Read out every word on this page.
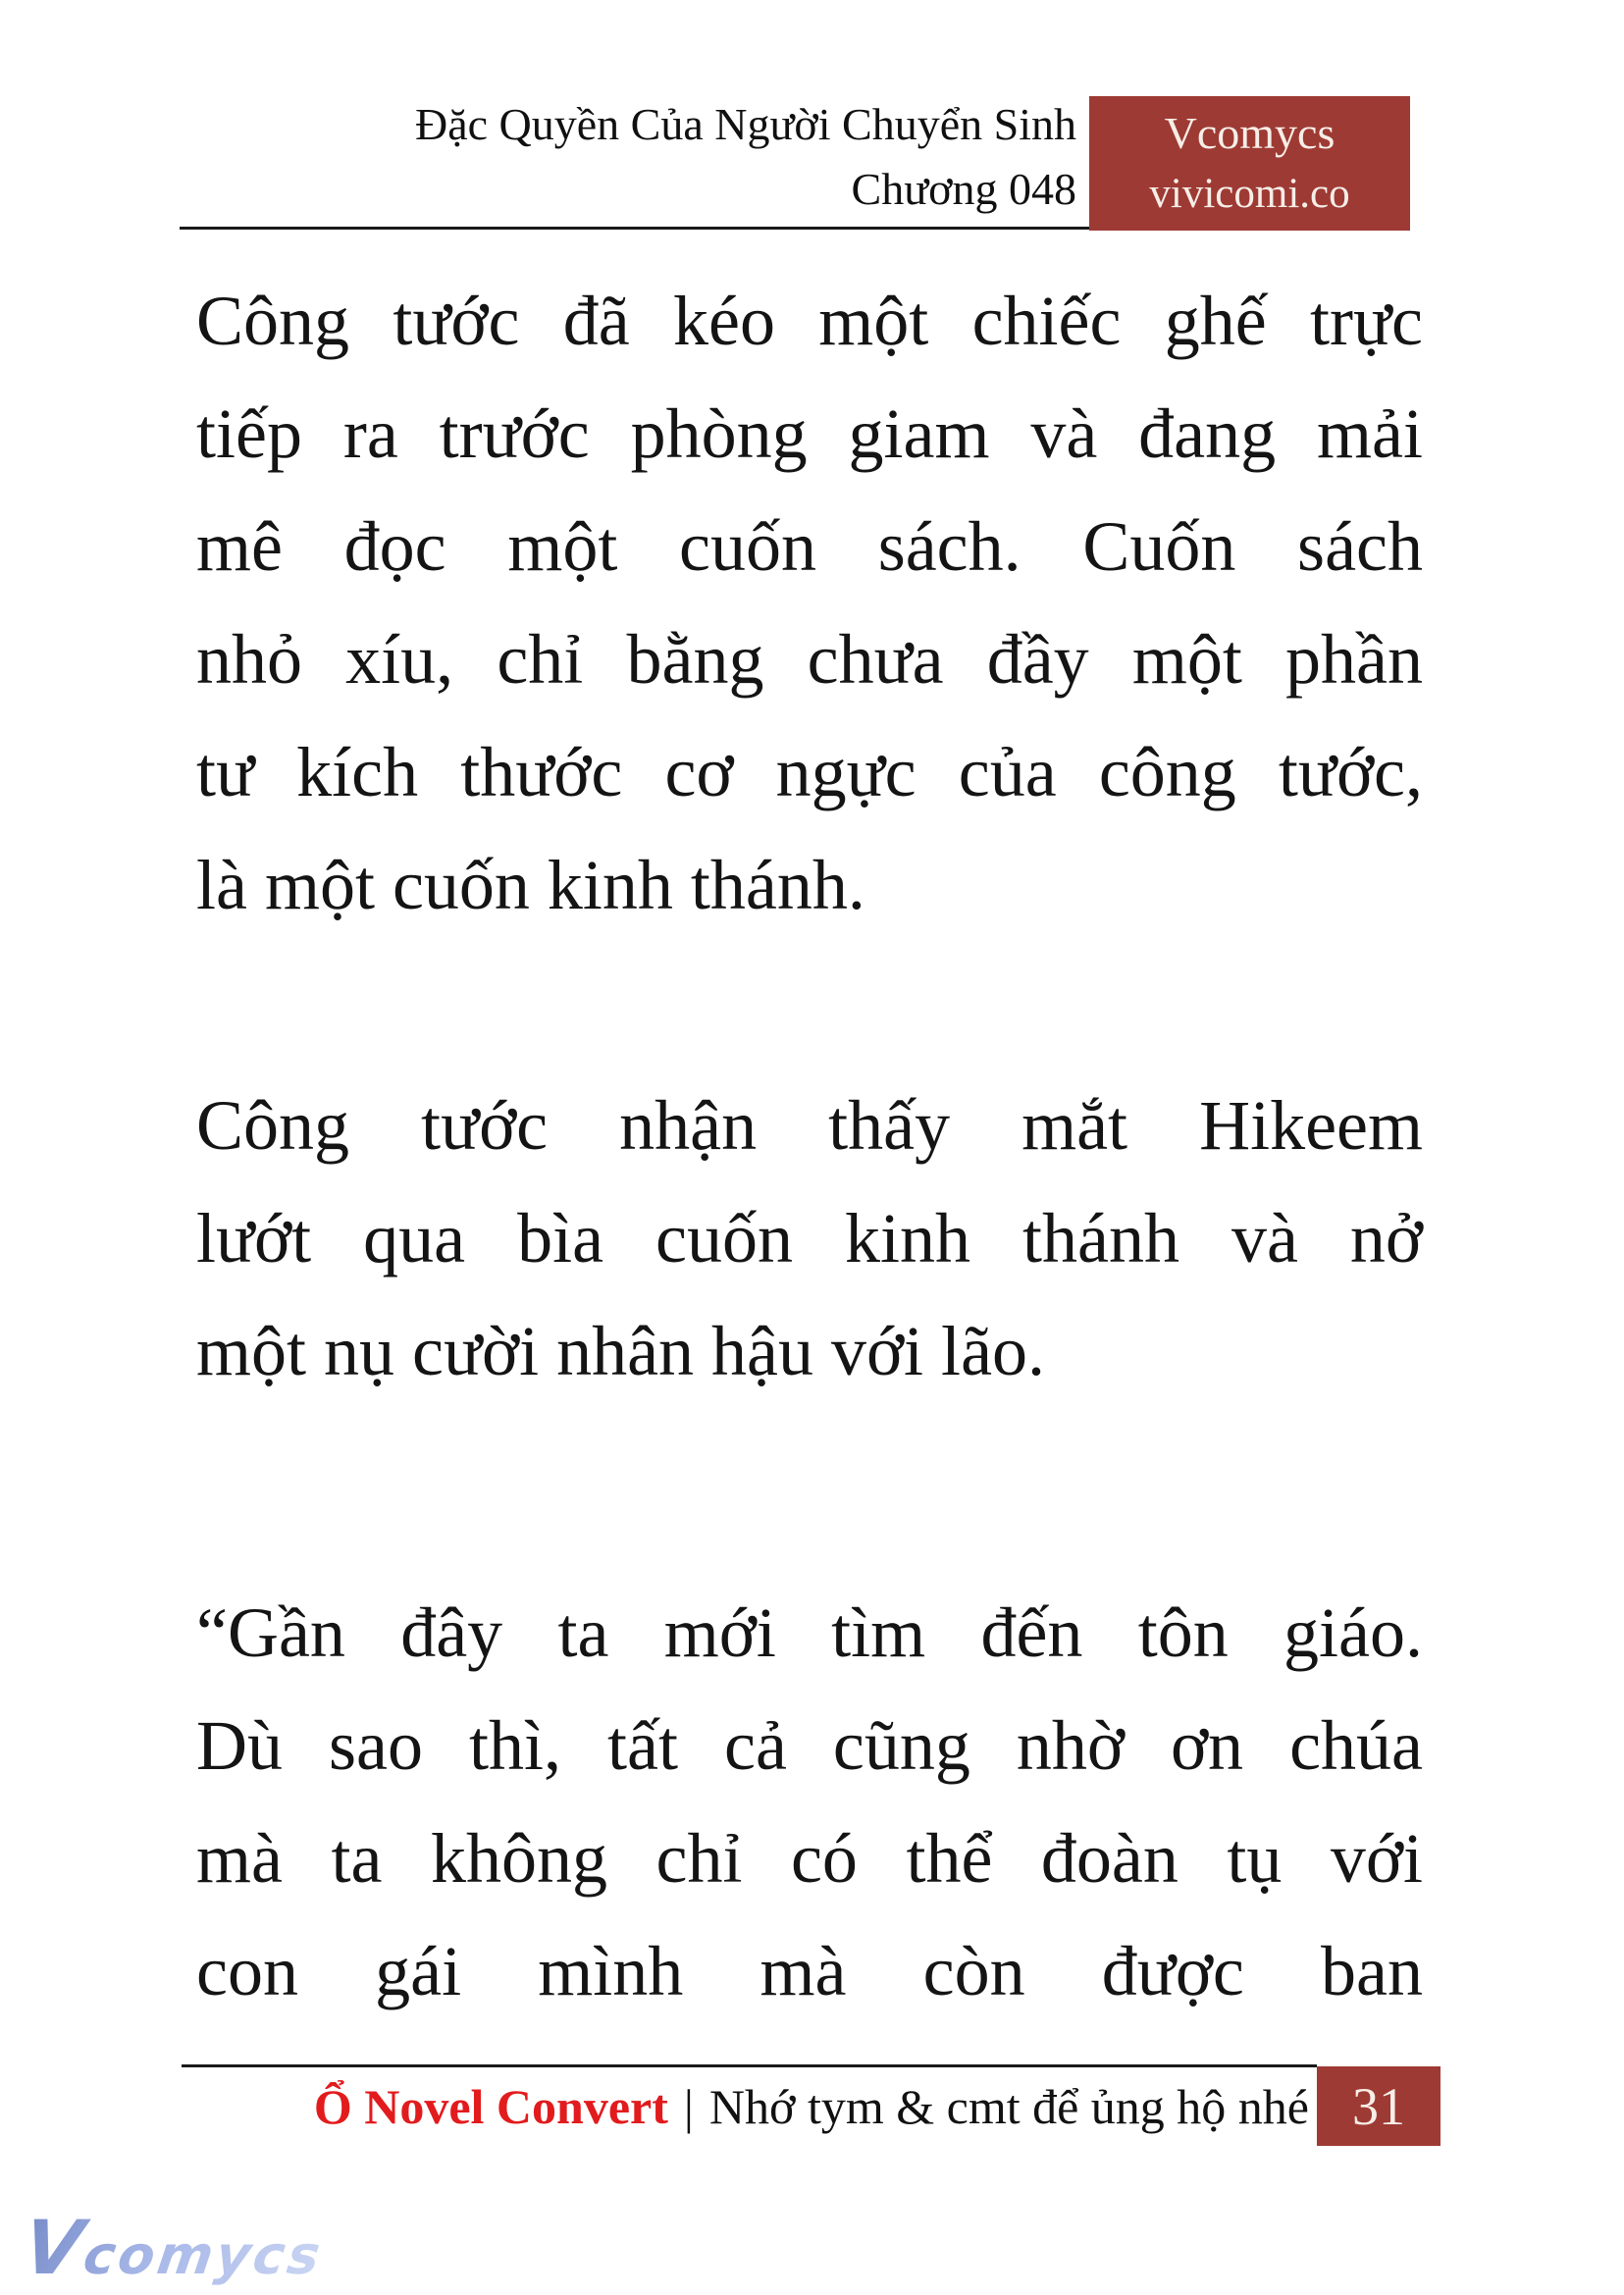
Đặc Quyền Của Người Chuyển Sinh
Chương 048
Vcomycs
vivicomi.co
Công tước đã kéo một chiếc ghế trực
tiếp ra trước phòng giam và đang mải
mê đọc một cuốn sách. Cuốn sách
nhỏ xíu, chỉ bằng chưa đầy một phần
tư kích thước cơ ngực của công tước,
là một cuốn kinh thánh.
Công tước nhận thấy mắt Hikeem
lướt qua bìa cuốn kinh thánh và nở
một nụ cười nhân hậu với lão.
“Gần đây ta mới tìm đến tôn giáo.
Dù sao thì, tất cả cũng nhờ ơn chúa
mà ta không chỉ có thể đoàn tụ với
con gái mình mà còn được ban
Ổ Novel Convert | Nhớ tym & cmt để ủng hộ nhé 31
Vcomycs
